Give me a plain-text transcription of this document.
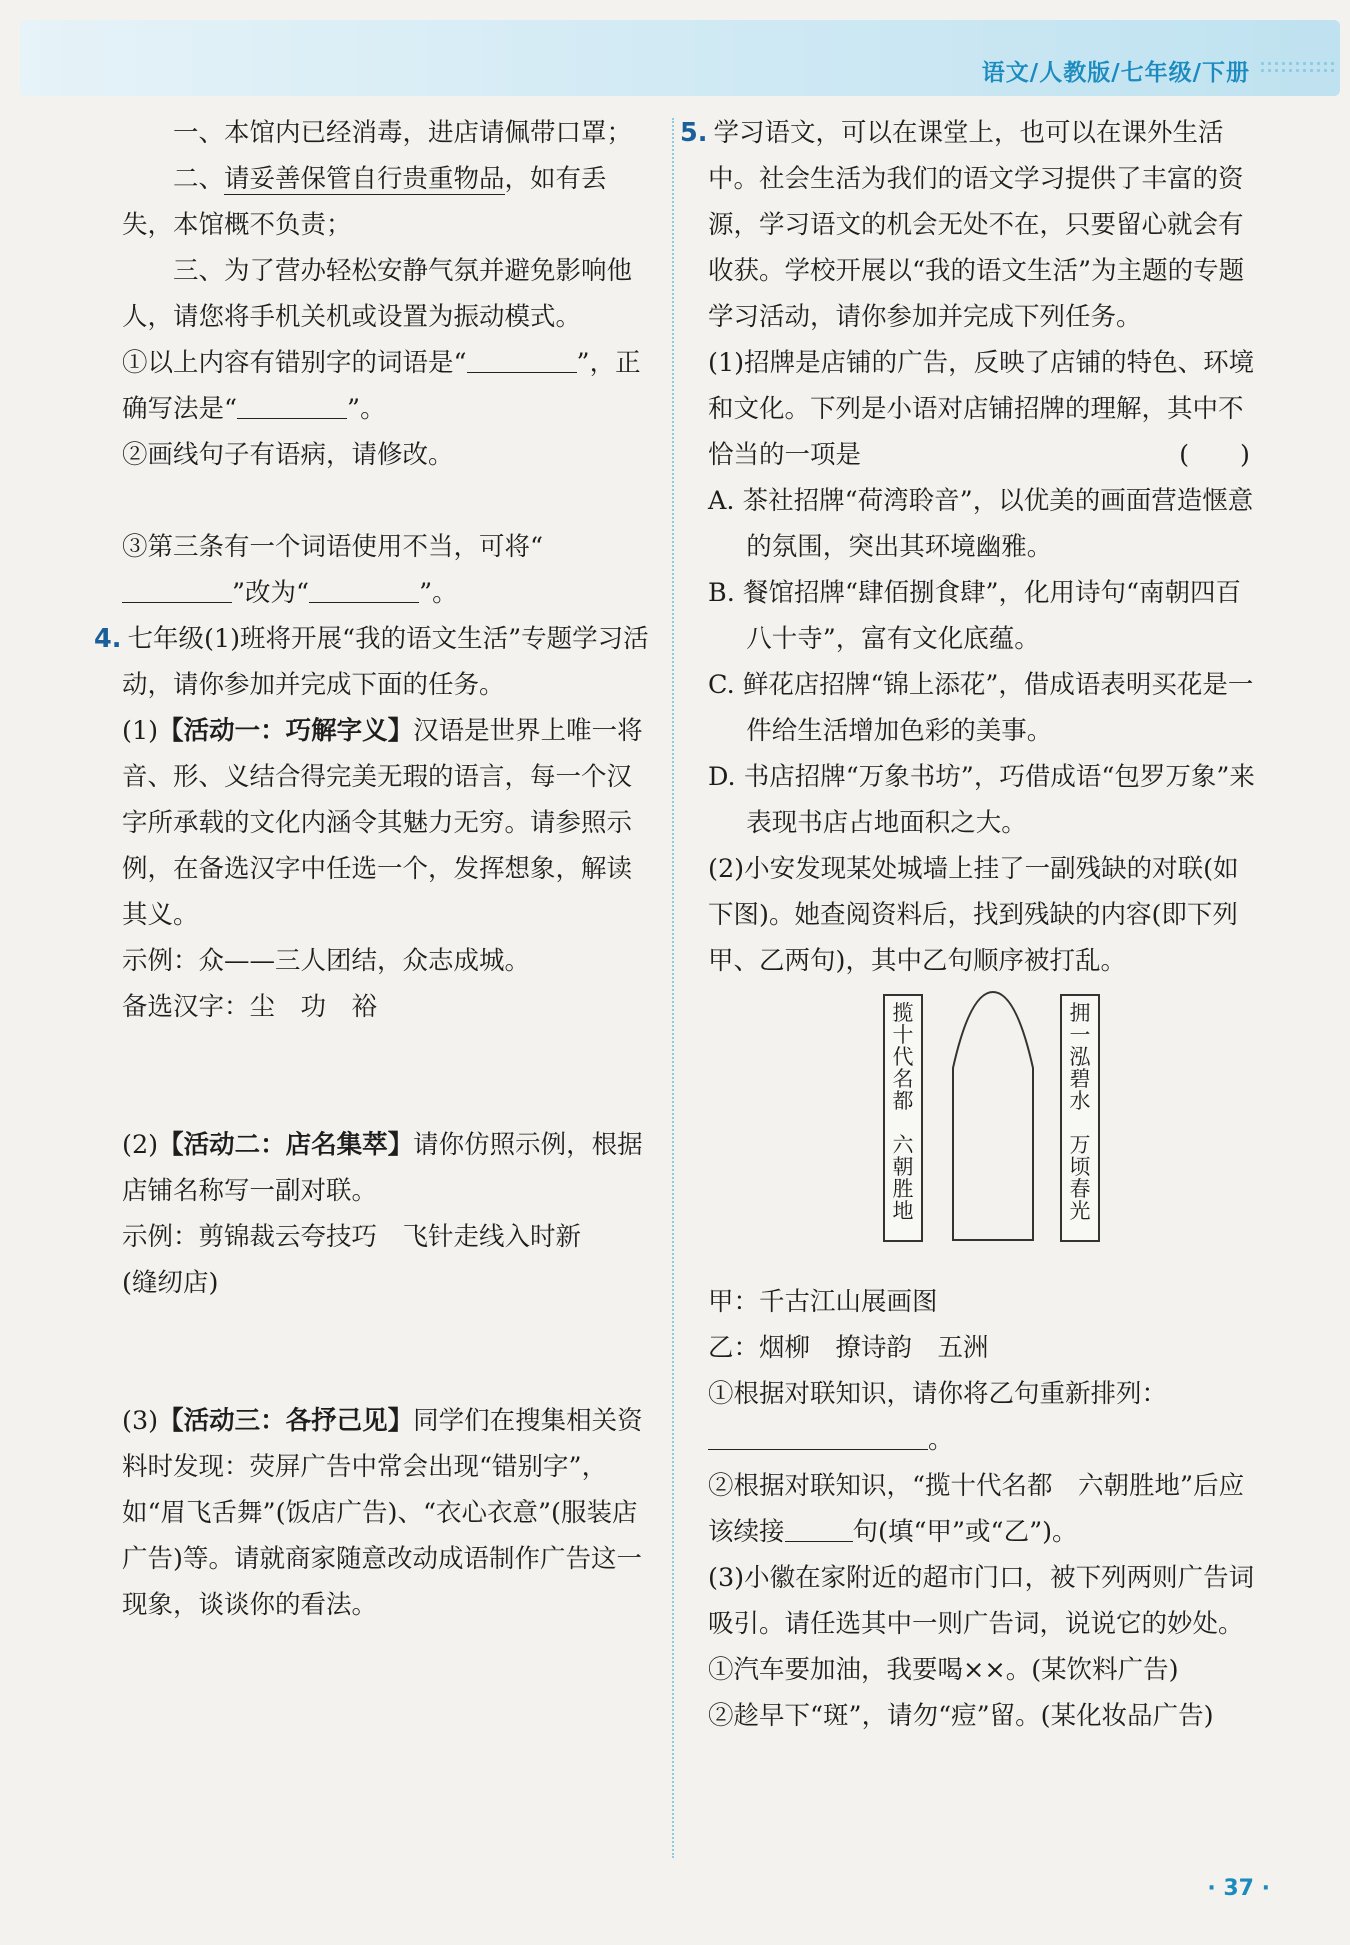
语文/人教版/七年级/下册

一、本馆内已经消毒，进店请佩带口罩；

二、请妥善保管自行贵重物品，如有丢失，本馆概不负责；

三、为了营办轻松安静气氛并避免影响他人，请您将手机关机或设置为振动模式。

①以上内容有错别字的词语是“	”，正确写法是“	”。

②画线句子有语病，请修改。

③第三条有一个词语使用不当，可将“”改为“	”。

4. 七年级(1)班将开展“我的语文生活”专题学习活动，请你参加并完成下面的任务。

(1)【活动一：巧解字义】汉语是世界上唯一将音、形、义结合得完美无瑕的语言，每一个汉字所承载的文化内涵令其魅力无穷。请参照示例，在备选汉字中任选一个，发挥想象，解读其义。

示例：众——三人团结，众志成城。

备选汉字：尘　功　裕

(2)【活动二：店名集萃】请你仿照示例，根据店铺名称写一副对联。

示例：剪锦裁云夸技巧　飞针走线入时新

(缝纫店)

(3)【活动三：各抒己见】同学们在搜集相关资料时发现：荧屏广告中常会出现“错别字”，如“眉飞舌舞”(饭店广告)、“衣心衣意”(服装店广告)等。请就商家随意改动成语制作广告这一现象，谈谈你的看法。

5. 学习语文，可以在课堂上，也可以在课外生活中。社会生活为我们的语文学习提供了丰富的资源，学习语文的机会无处不在，只要留心就会有收获。学校开展以“我的语文生活”为主题的专题学习活动，请你参加并完成下列任务。

(1)招牌是店铺的广告，反映了店铺的特色、环境和文化。下列是小语对店铺招牌的理解，其中不恰当的一项是	(　　)

A. 茶社招牌“荷湾聆音”，以优美的画面营造惬意的氛围，突出其环境幽雅。

B. 餐馆招牌“肆佰捌食肆”，化用诗句“南朝四百八十寺”，富有文化底蕴。

C. 鲜花店招牌“锦上添花”，借成语表明买花是一件给生活增加色彩的美事。

D. 书店招牌“万象书坊”，巧借成语“包罗万象”来表现书店占地面积之大。

(2)小安发现某处城墙上挂了一副残缺的对联(如下图)。她查阅资料后，找到残缺的内容(即下列甲、乙两句)，其中乙句顺序被打乱。

揽
十
代
名
都
六
朝
胜
地
拥
一
泓
碧
水
万
顷
春
光

甲：千古江山展画图

乙：烟柳　撩诗韵　五洲

①根据对联知识，请你将乙句重新排列：

。

②根据对联知识，“揽十代名都　六朝胜地”后应该续接	句(填“甲”或“乙”)。

(3)小徽在家附近的超市门口，被下列两则广告词吸引。请任选其中一则广告词，说说它的妙处。

①汽车要加油，我要喝××。(某饮料广告)

②趁早下“斑”，请勿“痘”留。(某化妆品广告)

· 37 ·
